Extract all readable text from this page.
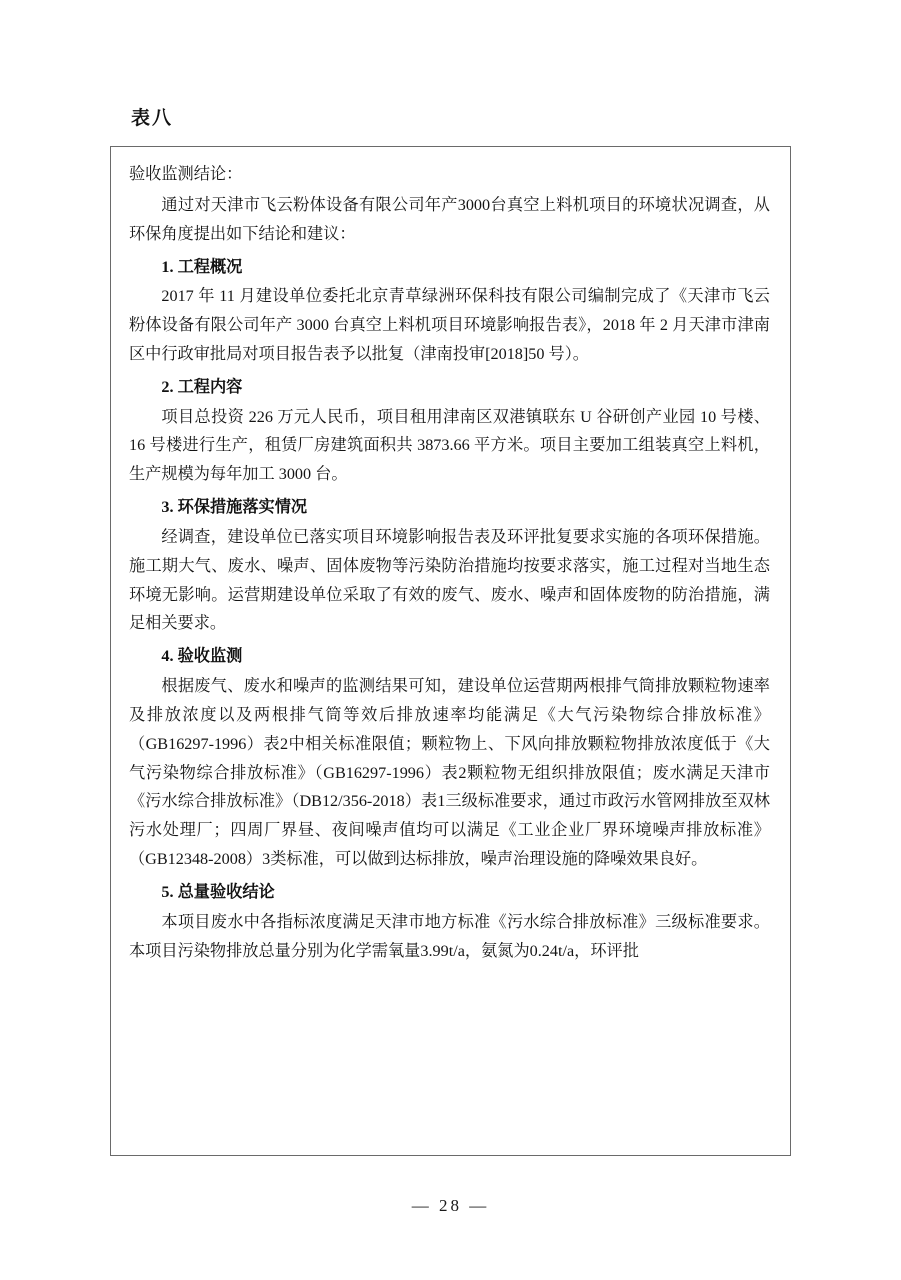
表八
验收监测结论：

通过对天津市飞云粉体设备有限公司年产3000台真空上料机项目的环境状况调查，从环保角度提出如下结论和建议：

1. 工程概况

2017 年 11 月建设单位委托北京青草绿洲环保科技有限公司编制完成了《天津市飞云粉体设备有限公司年产 3000 台真空上料机项目环境影响报告表》，2018 年 2 月天津市津南区中行政审批局对项目报告表予以批复（津南投审[2018]50 号）。

2. 工程内容

项目总投资 226 万元人民币，项目租用津南区双港镇联东 U 谷研创产业园 10 号楼、16 号楼进行生产，租赁厂房建筑面积共 3873.66 平方米。项目主要加工组装真空上料机，生产规模为每年加工 3000 台。

3. 环保措施落实情况

经调查，建设单位已落实项目环境影响报告表及环评批复要求实施的各项环保措施。施工期大气、废水、噪声、固体废物等污染防治措施均按要求落实，施工过程对当地生态环境无影响。运营期建设单位采取了有效的废气、废水、噪声和固体废物的防治措施，满足相关要求。

4. 验收监测

根据废气、废水和噪声的监测结果可知，建设单位运营期两根排气筒排放颗粒物速率及排放浓度以及两根排气筒等效后排放速率均能满足《大气污染物综合排放标准》（GB16297-1996）表2中相关标准限值；颗粒物上、下风向排放颗粒物排放浓度低于《大气污染物综合排放标准》（GB16297-1996）表2颗粒物无组织排放限值；废水满足天津市《污水综合排放标准》（DB12/356-2018）表1三级标准要求，通过市政污水管网排放至双林污水处理厂；四周厂界昼、夜间噪声值均可以满足《工业企业厂界环境噪声排放标准》（GB12348-2008）3类标准，可以做到达标排放，噪声治理设施的降噪效果良好。

5. 总量验收结论

本项目废水中各指标浓度满足天津市地方标准《污水综合排放标准》三级标准要求。本项目污染物排放总量分别为化学需氧量3.99t/a，氨氮为0.24t/a，环评批

— 28 —
